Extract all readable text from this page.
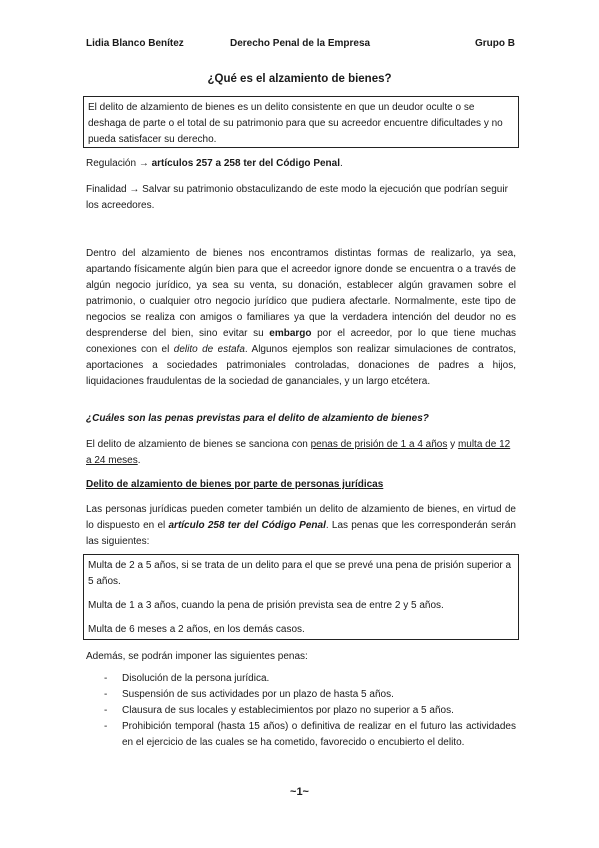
Lidia Blanco Benítez	Derecho Penal de la Empresa	Grupo B
¿Qué es el alzamiento de bienes?

El delito de alzamiento de bienes es un delito consistente en que un deudor oculte o se deshaga de parte o el total de su patrimonio para que su acreedor encuentre dificultades y no pueda satisfacer su derecho.

Regulación → artículos 257 a 258 ter del Código Penal.

Finalidad → Salvar su patrimonio obstaculizando de este modo la ejecución que podrían seguir los acreedores.

Dentro del alzamiento de bienes nos encontramos distintas formas de realizarlo, ya sea, apartando físicamente algún bien para que el acreedor ignore donde se encuentra o a través de algún negocio jurídico, ya sea su venta, su donación, establecer algún gravamen sobre el patrimonio, o cualquier otro negocio jurídico que pudiera afectarle. Normalmente, este tipo de negocios se realiza con amigos o familiares ya que la verdadera intención del deudor no es desprenderse del bien, sino evitar su embargo por el acreedor, por lo que tiene muchas conexiones con el delito de estafa. Algunos ejemplos son realizar simulaciones de contratos, aportaciones a sociedades patrimoniales controladas, donaciones de padres a hijos, liquidaciones fraudulentas de la sociedad de gananciales, y un largo etcétera.

¿Cuáles son las penas previstas para el delito de alzamiento de bienes?

El delito de alzamiento de bienes se sanciona con penas de prisión de 1 a 4 años y multa de 12 a 24 meses.

Delito de alzamiento de bienes por parte de personas jurídicas

Las personas jurídicas pueden cometer también un delito de alzamiento de bienes, en virtud de lo dispuesto en el artículo 258 ter del Código Penal. Las penas que les corresponderán serán las siguientes:

Multa de 2 a 5 años, si se trata de un delito para el que se prevé una pena de prisión superior a 5 años.

Multa de 1 a 3 años, cuando la pena de prisión prevista sea de entre 2 y 5 años.

Multa de 6 meses a 2 años, en los demás casos.

Además, se podrán imponer las siguientes penas:

- Disolución de la persona jurídica.
- Suspensión de sus actividades por un plazo de hasta 5 años.
- Clausura de sus locales y establecimientos por plazo no superior a 5 años.
- Prohibición temporal (hasta 15 años) o definitiva de realizar en el futuro las actividades en el ejercicio de las cuales se ha cometido, favorecido o encubierto el delito.
~1~
